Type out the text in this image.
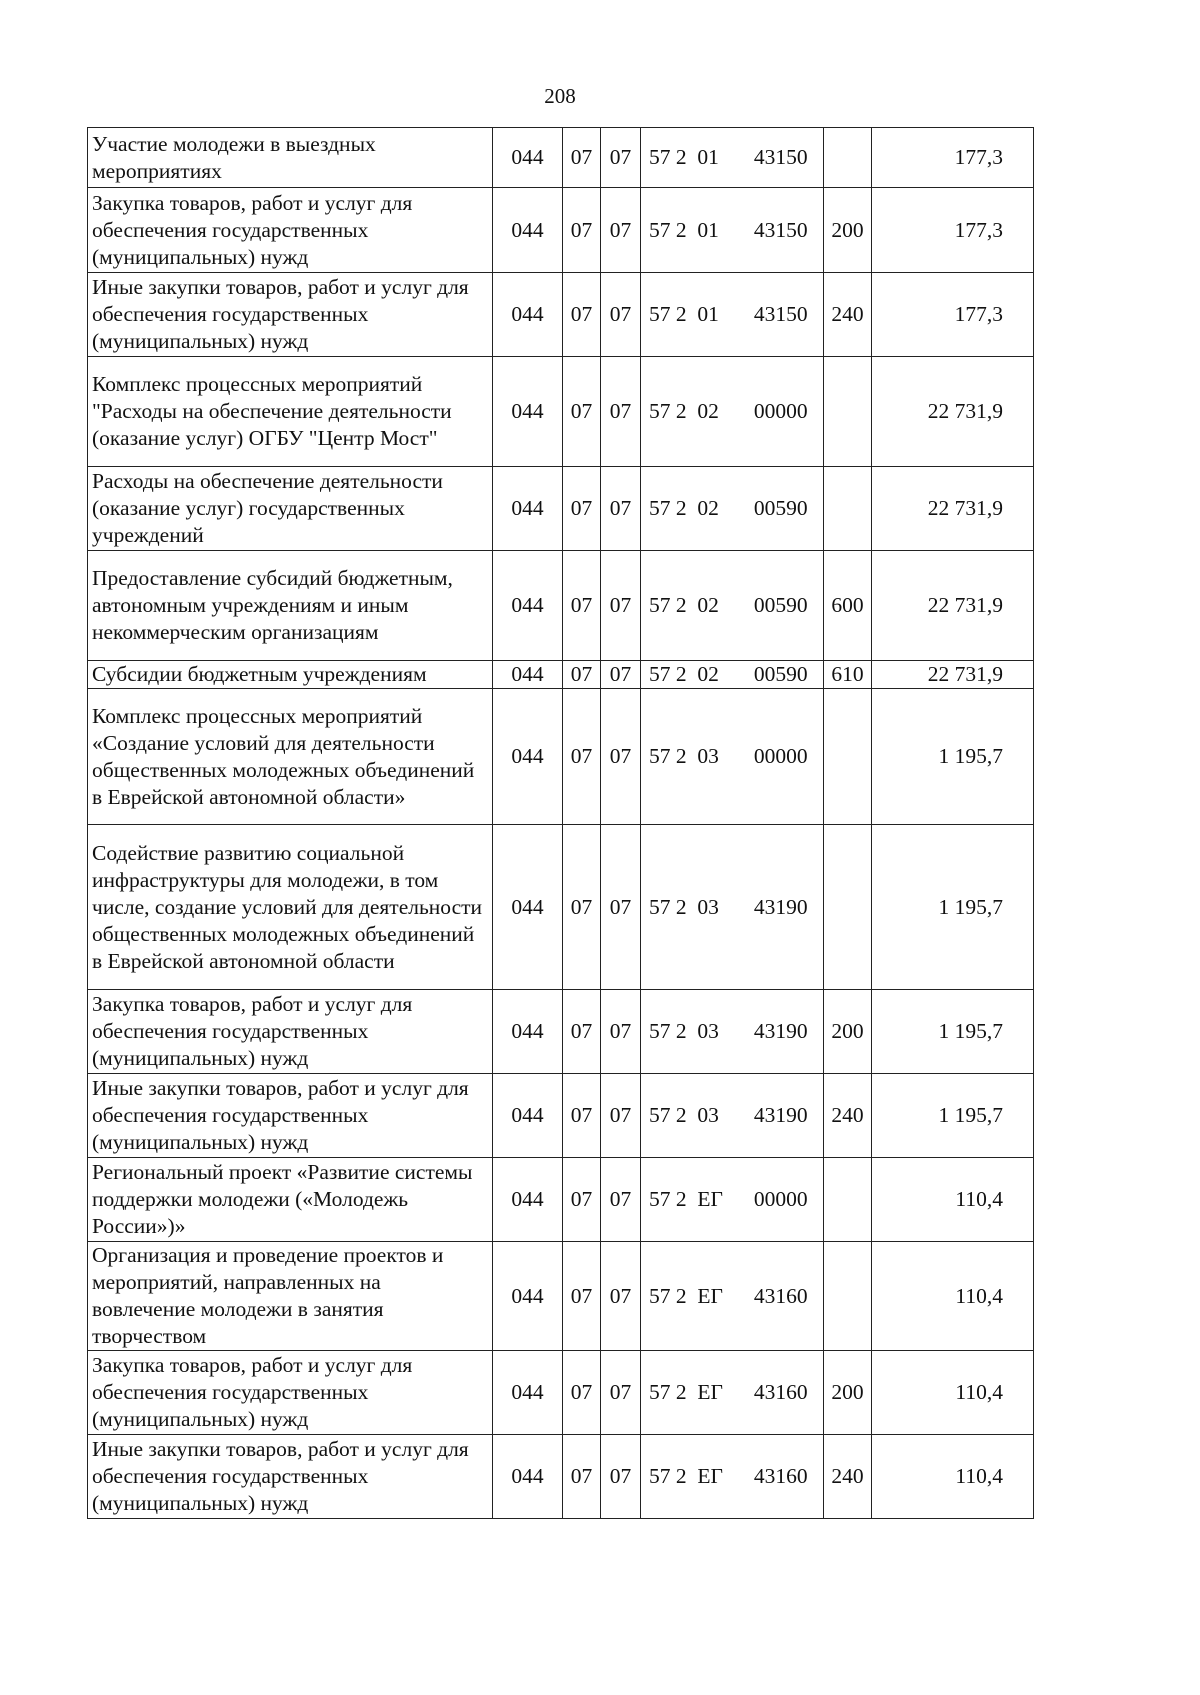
208
Участие молодежи в выездных мероприятиях	044	07	07	57 2  01	43150		177,3
Закупка товаров, работ и услуг для обеспечения государственных (муниципальных) нужд	044	07	07	57 2  01	43150	200	177,3
Иные закупки товаров, работ и услуг для обеспечения государственных (муниципальных) нужд	044	07	07	57 2  01	43150	240	177,3
Комплекс процессных мероприятий "Расходы на обеспечение деятельности (оказание услуг) ОГБУ "Центр Мост"	044	07	07	57 2  02	00000		22 731,9
Расходы на обеспечение деятельности (оказание услуг) государственных учреждений	044	07	07	57 2  02	00590		22 731,9
Предоставление субсидий бюджетным, автономным учреждениям и иным некоммерческим организациям	044	07	07	57 2  02	00590	600	22 731,9
Субсидии бюджетным учреждениям	044	07	07	57 2  02	00590	610	22 731,9
Комплекс процессных мероприятий «Создание условий для деятельности общественных молодежных объединений в Еврейской автономной области»	044	07	07	57 2  03	00000		1 195,7
Содействие развитию социальной инфраструктуры для молодежи, в том числе, создание условий для деятельности общественных молодежных объединений в Еврейской автономной области	044	07	07	57 2  03	43190		1 195,7
Закупка товаров, работ и услуг для обеспечения государственных (муниципальных) нужд	044	07	07	57 2  03	43190	200	1 195,7
Иные закупки товаров, работ и услуг для обеспечения государственных (муниципальных) нужд	044	07	07	57 2  03	43190	240	1 195,7
Региональный проект «Развитие системы поддержки молодежи («Молодежь России»)»	044	07	07	57 2  ЕГ	00000		110,4
Организация и проведение проектов и мероприятий, направленных на вовлечение молодежи в занятия творчеством	044	07	07	57 2  ЕГ	43160		110,4
Закупка товаров, работ и услуг для обеспечения государственных (муниципальных) нужд	044	07	07	57 2  ЕГ	43160	200	110,4
Иные закупки товаров, работ и услуг для обеспечения государственных (муниципальных) нужд	044	07	07	57 2  ЕГ	43160	240	110,4
